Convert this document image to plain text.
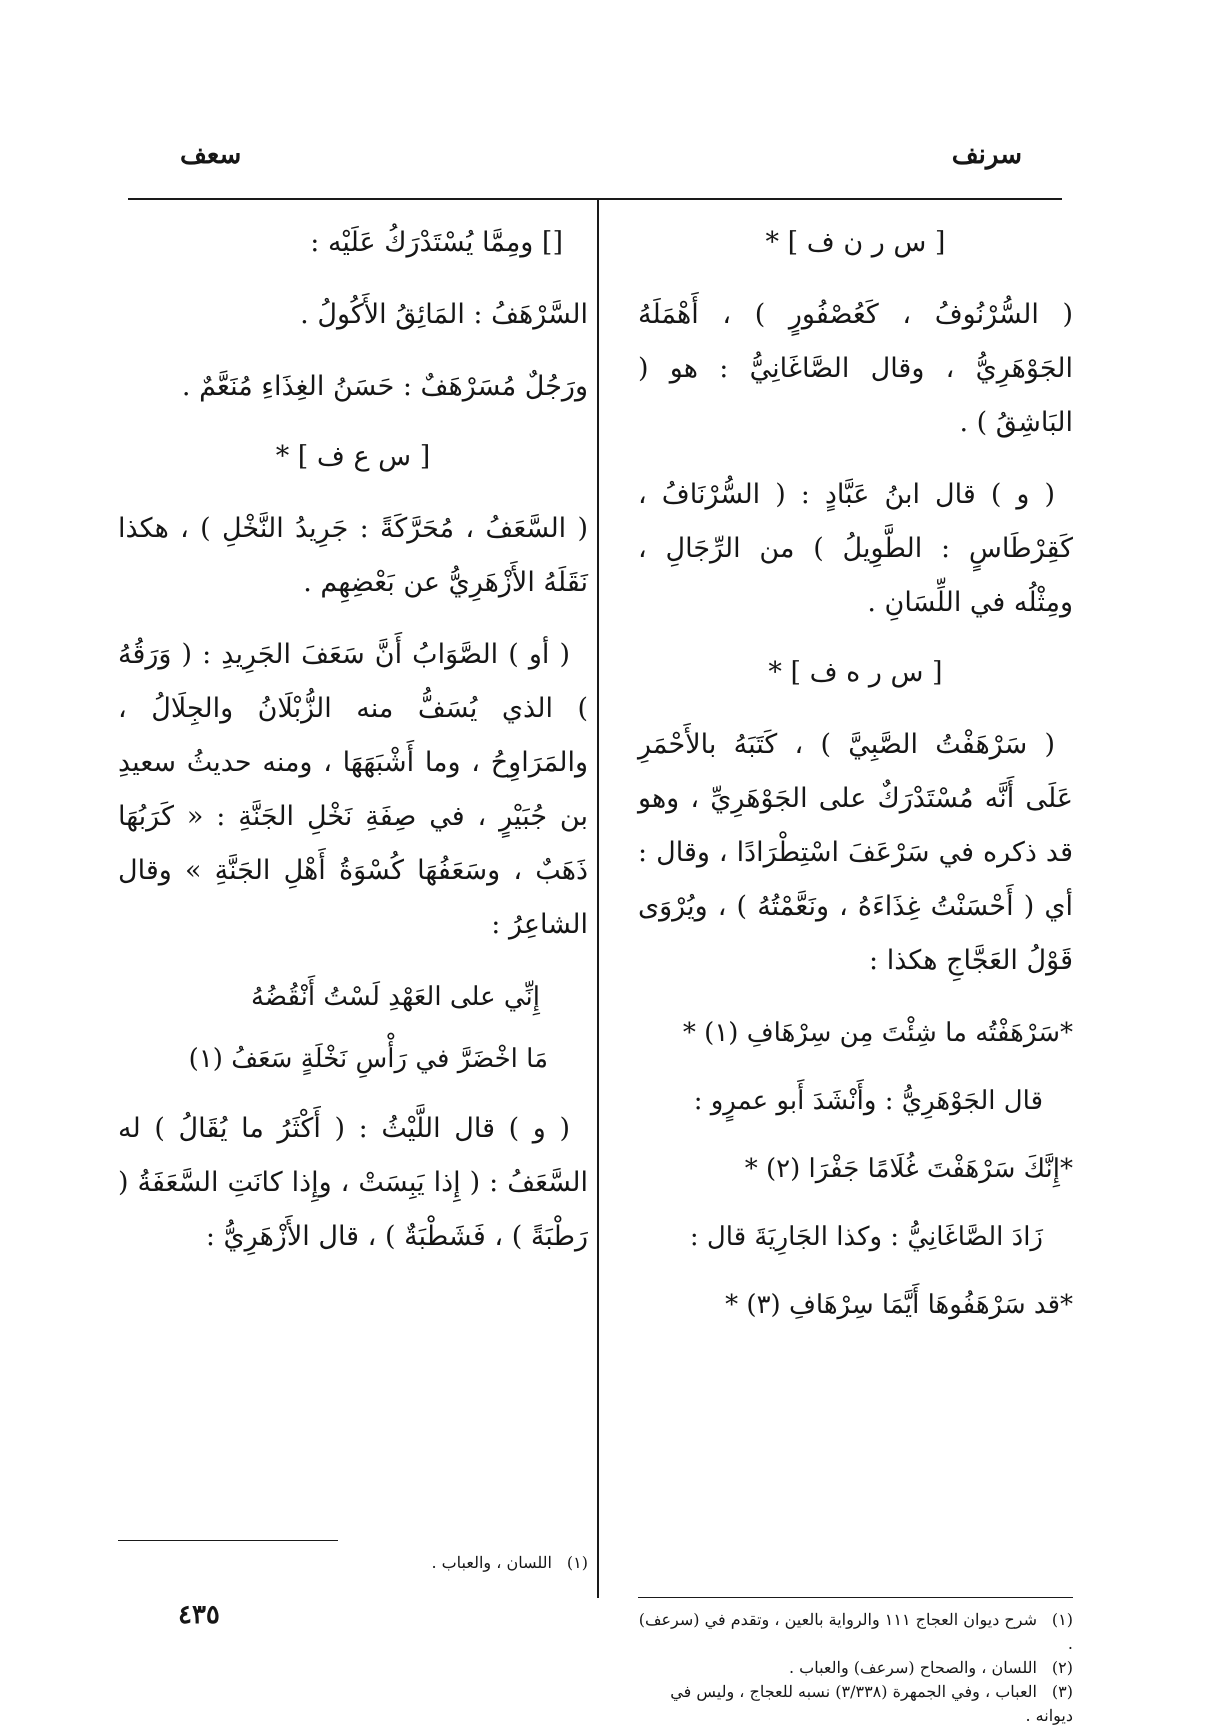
سرنف
سعف
[ س ر ن ف ] *

( السُّرْنُوفُ ، كَعُصْفُورٍ ) ، أَهْمَلَهُ الجَوْهَرِيُّ ، وقال الصَّاغَانِيُّ : هو ( البَاشِقُ ) .

( و ) قال ابنُ عَبَّادٍ : ( السُّرْنَافُ ، كَقِرْطَاسٍ : الطَّوِيلُ ) من الرِّجَالِ ، ومِثْلُه في اللِّسَانِ .

[ س ر ه ف ] *

( سَرْهَفْتُ الصَّبِيَّ ) ، كَتَبَهُ بالأَحْمَرِ عَلَى أَنَّه مُسْتَدْرَكٌ على الجَوْهَرِيِّ ، وهو قد ذكره في سَرْعَفَ اسْتِطْرَادًا ، وقال : أي ( أَحْسَنْتُ غِذَاءَهُ ، ونَعَّمْتُهُ ) ، ويُرْوَى قَوْلُ العَجَّاجِ هكذا :

*سَرْهَفْتُه ما شِئْتَ مِن سِرْهَافِ (١) *

قال الجَوْهَرِيُّ : وأَنْشَدَ أَبو عمرٍو :

*إِنَّكَ سَرْهَفْتَ غُلَامًا جَفْرَا (٢) *

زَادَ الصَّاغَانِيُّ : وكذا الجَارِيَةَ قال :

*قد سَرْهَفُوهَا أَيَّمَا سِرْهَافِ (٣) *

(١)شرح ديوان العجاج ١١١ والرواية بالعين ، وتقدم في (سرعف) .

(٢)اللسان ، والصحاح (سرعف) والعباب .

(٣)العباب ، وفي الجمهرة (٣/٣٣٨) نسبه للعجاج ، وليس في ديوانه .

[] ومِمَّا يُسْتَدْرَكُ عَلَيْه :

السَّرْهَفُ : المَائِقُ الأَكُولُ .

ورَجُلٌ مُسَرْهَفٌ : حَسَنُ الغِذَاءِ مُنَعَّمٌ .

[ س ع ف ] *

( السَّعَفُ ، مُحَرَّكَةً : جَرِيدُ النَّخْلِ ) ، هكذا نَقَلَهُ الأَزْهَرِيُّ عن بَعْضِهِم .

( أو ) الصَّوَابُ أَنَّ سَعَفَ الجَرِيدِ : ( وَرَقُهُ ) الذي يُسَفُّ منه الزُّبْلَانُ والجِلَالُ ، والمَرَاوِحُ ، وما أَشْبَهَهَا ، ومنه حديثُ سعيدِ بن جُبَيْرٍ ، في صِفَةِ نَخْلِ الجَنَّةِ : « كَرَبُهَا ذَهَبٌ ، وسَعَفُهَا كُسْوَةُ أَهْلِ الجَنَّةِ » وقال الشاعِرُ :

إِنِّي على العَهْدِ لَسْتُ أَنْقُضُهُ

مَا اخْضَرَّ في رَأْسِ نَخْلَةٍ سَعَفُ (١)

( و ) قال اللَّيْثُ : ( أَكْثَرُ ما يُقَالُ ) له السَّعَفُ : ( إِذا يَبِسَتْ ، وإِذا كانَتِ السَّعَفَةُ ( رَطْبَةً ) ، فَشَطْبَةٌ ) ، قال الأَزْهَرِيُّ :

(١)اللسان ، والعباب .

٤٣٥
